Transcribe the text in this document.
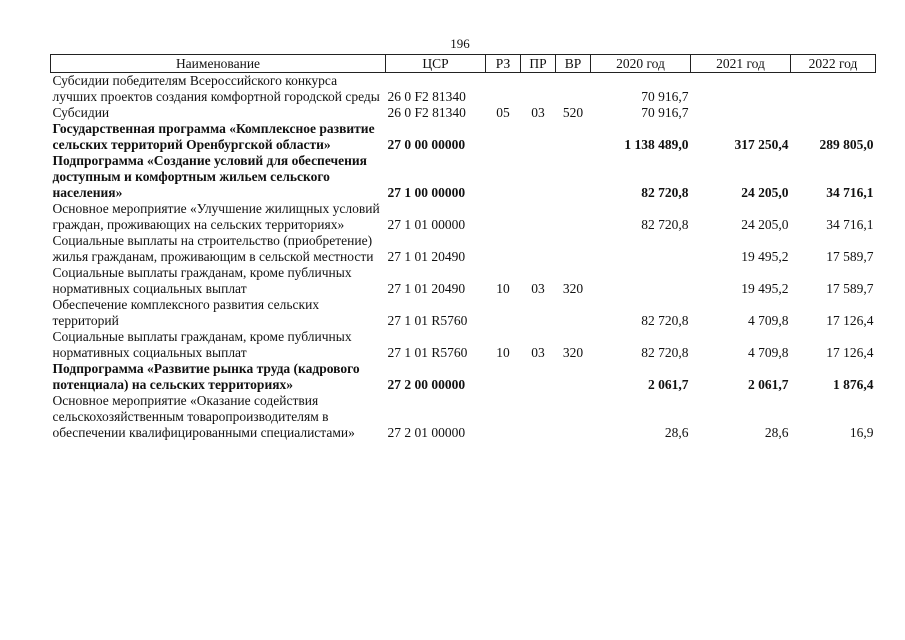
196
Наименование	ЦСР	РЗ	ПР	ВР	2020 год	2021 год	2022 год
Субсидии победителям Всероссийского конкурса лучших проектов создания комфортной городской среды	26 0 F2 81340				70 916,7		
Субсидии	26 0 F2 81340	05	03	520	70 916,7		
Государственная программа «Комплексное развитие сельских территорий Оренбургской области»	27 0 00 00000				1 138 489,0	317 250,4	289 805,0
Подпрограмма «Создание условий для обеспечения доступным и комфортным жильем сельского населения»	27 1 00 00000				82 720,8	24 205,0	34 716,1
Основное мероприятие «Улучшение жилищных условий граждан, проживающих на сельских территориях»	27 1 01 00000				82 720,8	24 205,0	34 716,1
Социальные выплаты на строительство (приобретение) жилья гражданам, проживающим в сельской местности	27 1 01 20490					19 495,2	17 589,7
Социальные выплаты гражданам, кроме публичных нормативных социальных выплат	27 1 01 20490	10	03	320		19 495,2	17 589,7
Обеспечение комплексного развития сельских территорий	27 1 01 R5760				82 720,8	4 709,8	17 126,4
Социальные выплаты гражданам, кроме публичных нормативных социальных выплат	27 1 01 R5760	10	03	320	82 720,8	4 709,8	17 126,4
Подпрограмма «Развитие рынка труда (кадрового потенциала) на сельских территориях»	27 2 00 00000				2 061,7	2 061,7	1 876,4
Основное мероприятие «Оказание содействия сельскохозяйственным товаропроизводителям в обеспечении квалифицированными специалистами»	27 2 01 00000				28,6	28,6	16,9
